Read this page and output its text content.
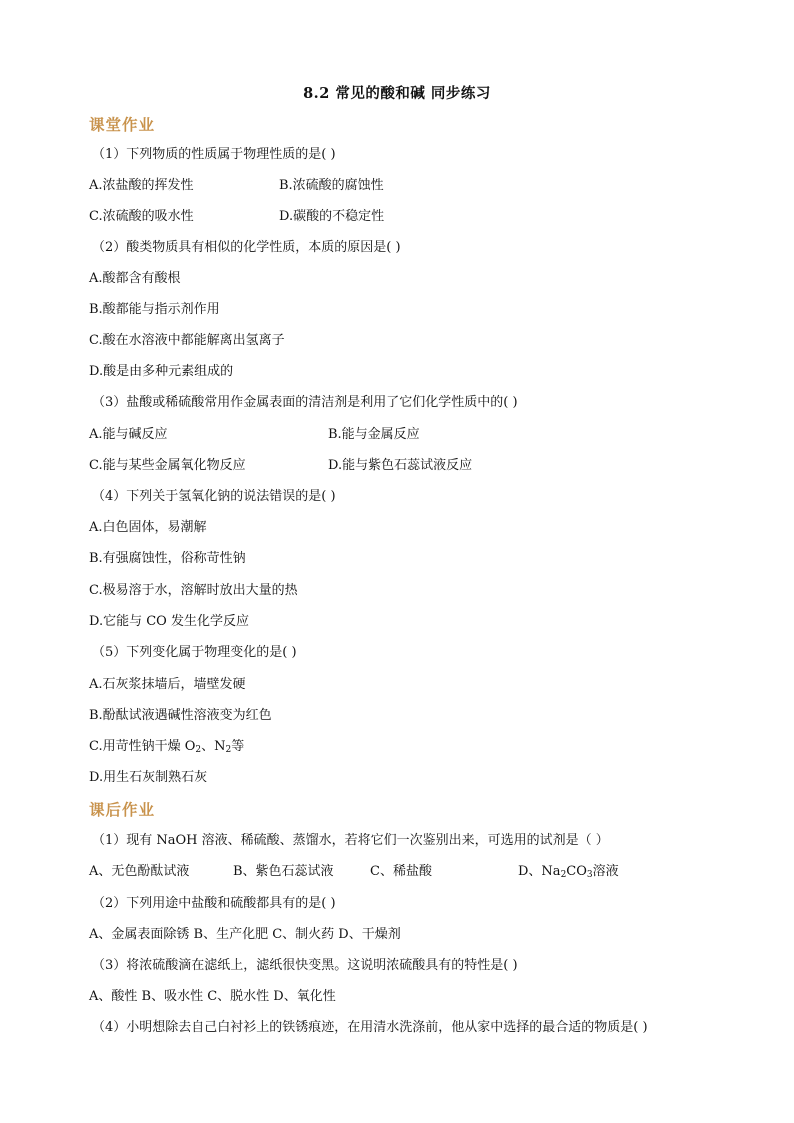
8.2 常见的酸和碱 同步练习
课堂作业
（1）下列物质的性质属于物理性质的是( )
A.浓盐酸的挥发性	B.浓硫酸的腐蚀性
C.浓硫酸的吸水性	D.碳酸的不稳定性
（2）酸类物质具有相似的化学性质，本质的原因是( )
A.酸都含有酸根
B.酸都能与指示剂作用
C.酸在水溶液中都能解离出氢离子
D.酸是由多种元素组成的
（3）盐酸或稀硫酸常用作金属表面的清洁剂是利用了它们化学性质中的( )
A.能与碱反应	B.能与金属反应
C.能与某些金属氧化物反应	D.能与紫色石蕊试液反应
（4）下列关于氢氧化钠的说法错误的是( )
A.白色固体，易潮解
B.有强腐蚀性，俗称苛性钠
C.极易溶于水，溶解时放出大量的热
D.它能与 CO 发生化学反应
（5）下列变化属于物理变化的是( )
A.石灰浆抹墙后，墙壁发硬
B.酚酞试液遇碱性溶液变为红色
C.用苛性钠干燥 $O_2$、$N_2$等
D.用生石灰制熟石灰
课后作业
（1）现有 NaOH 溶液、稀硫酸、蒸馏水，若将它们一次鉴别出来，可选用的试剂是（ ）
A、无色酚酞试液	B、紫色石蕊试液	C、稀盐酸	D、$Na_2CO_3$溶液
（2）下列用途中盐酸和硫酸都具有的是( )
A、金属表面除锈 B、生产化肥 C、制火药 D、干燥剂
（3）将浓硫酸滴在滤纸上，滤纸很快变黑。这说明浓硫酸具有的特性是( )
A、酸性 B、吸水性 C、脱水性 D、氧化性
（4）小明想除去自己白衬衫上的铁锈痕迹，在用清水洗涤前，他从家中选择的最合适的物质是( )
